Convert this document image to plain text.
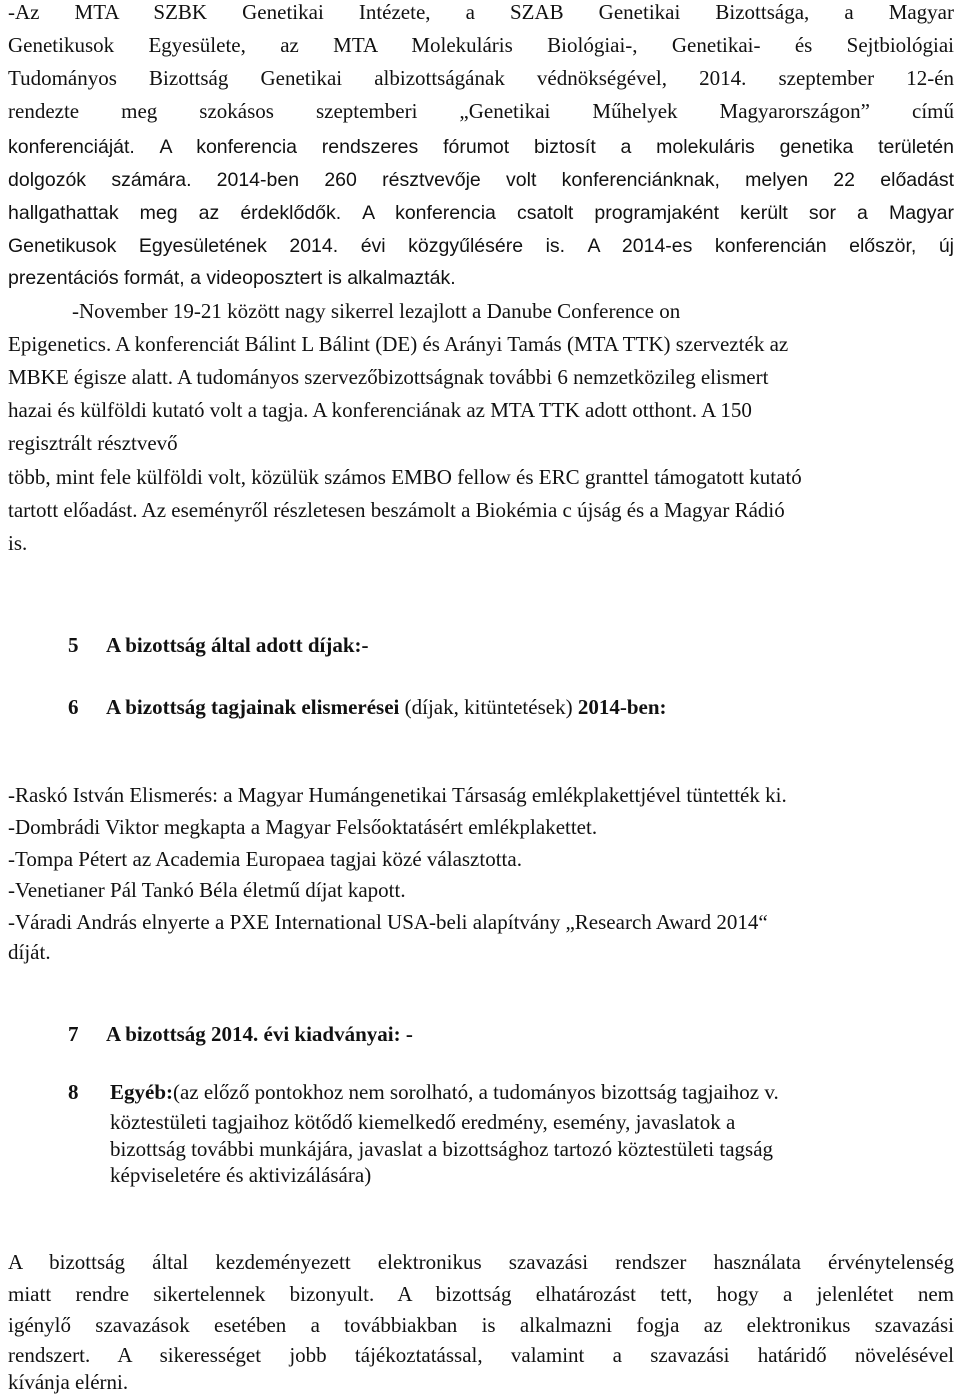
-Az MTA SZBK Genetikai Intézete, a SZAB Genetikai Bizottsága, a Magyar
Genetikusok Egyesülete, az MTA Molekuláris Biológiai-, Genetikai- és Sejtbiológiai
Tudományos Bizottság Genetikai albizottságának védnökségével, 2014. szeptember 12-én
rendezte meg szokásos szeptemberi „Genetikai Műhelyek Magyarországon” című
konferenciáját. A konferencia rendszeres fórumot biztosít a molekuláris genetika területén
dolgozók számára. 2014-ben 260 résztvevője volt konferenciánknak, melyen 22 előadást
hallgathattak meg az érdeklődők. A konferencia csatolt programjaként került sor a Magyar
Genetikusok Egyesületének 2014. évi közgyűlésére is. A 2014-es konferencián először, új
prezentációs formát, a videoposztert is alkalmazták.
-November 19-21 között nagy sikerrel lezajlott a Danube Conference on
Epigenetics. A konferenciát Bálint L Bálint (DE) és Arányi Tamás (MTA TTK) szervezték az
MBKE égisze alatt. A tudományos szervezőbizottságnak további 6 nemzetközileg elismert
hazai és külföldi kutató volt a tagja. A konferenciának az MTA TTK adott otthont. A 150
regisztrált résztvevő
több, mint fele külföldi volt, közülük számos EMBO fellow és ERC granttel támogatott kutató
tartott előadást. Az eseményről részletesen beszámolt a Biokémia c újság és a Magyar Rádió
is.
5 A bizottság által adott díjak:-
6 A bizottság tagjainak elismerései (díjak, kitüntetések) 2014-ben:
-Raskó István Elismerés: a Magyar Humángenetikai Társaság emlékplakettjével tüntették ki.
-Dombrádi Viktor megkapta a Magyar Felsőoktatásért emlékplakettet.
-Tompa Pétert az Academia Europaea tagjai közé választotta.
-Venetianer Pál Tankó Béla életmű díjat kapott.
-Váradi András elnyerte a PXE International USA-beli alapítvány „Research Award 2014“
díját.
7 A bizottság 2014. évi kiadványai: -
8 Egyéb:(az előző pontokhoz nem sorolható, a tudományos bizottság tagjaihoz v.
köztestületi tagjaihoz kötődő kiemelkedő eredmény, esemény, javaslatok a
bizottság további munkájára, javaslat a bizottsághoz tartozó köztestületi tagság
képviseletére és aktivizálására)
A bizottság által kezdeményezett elektronikus szavazási rendszer használata érvénytelenség
miatt rendre sikertelennek bizonyult. A bizottság elhatározást tett, hogy a jelenlétet nem
igénylő szavazások esetében a továbbiakban is alkalmazni fogja az elektronikus szavazási
rendszert. A sikerességet jobb tájékoztatással, valamint a szavazási határidő növelésével
kívánja elérni.
